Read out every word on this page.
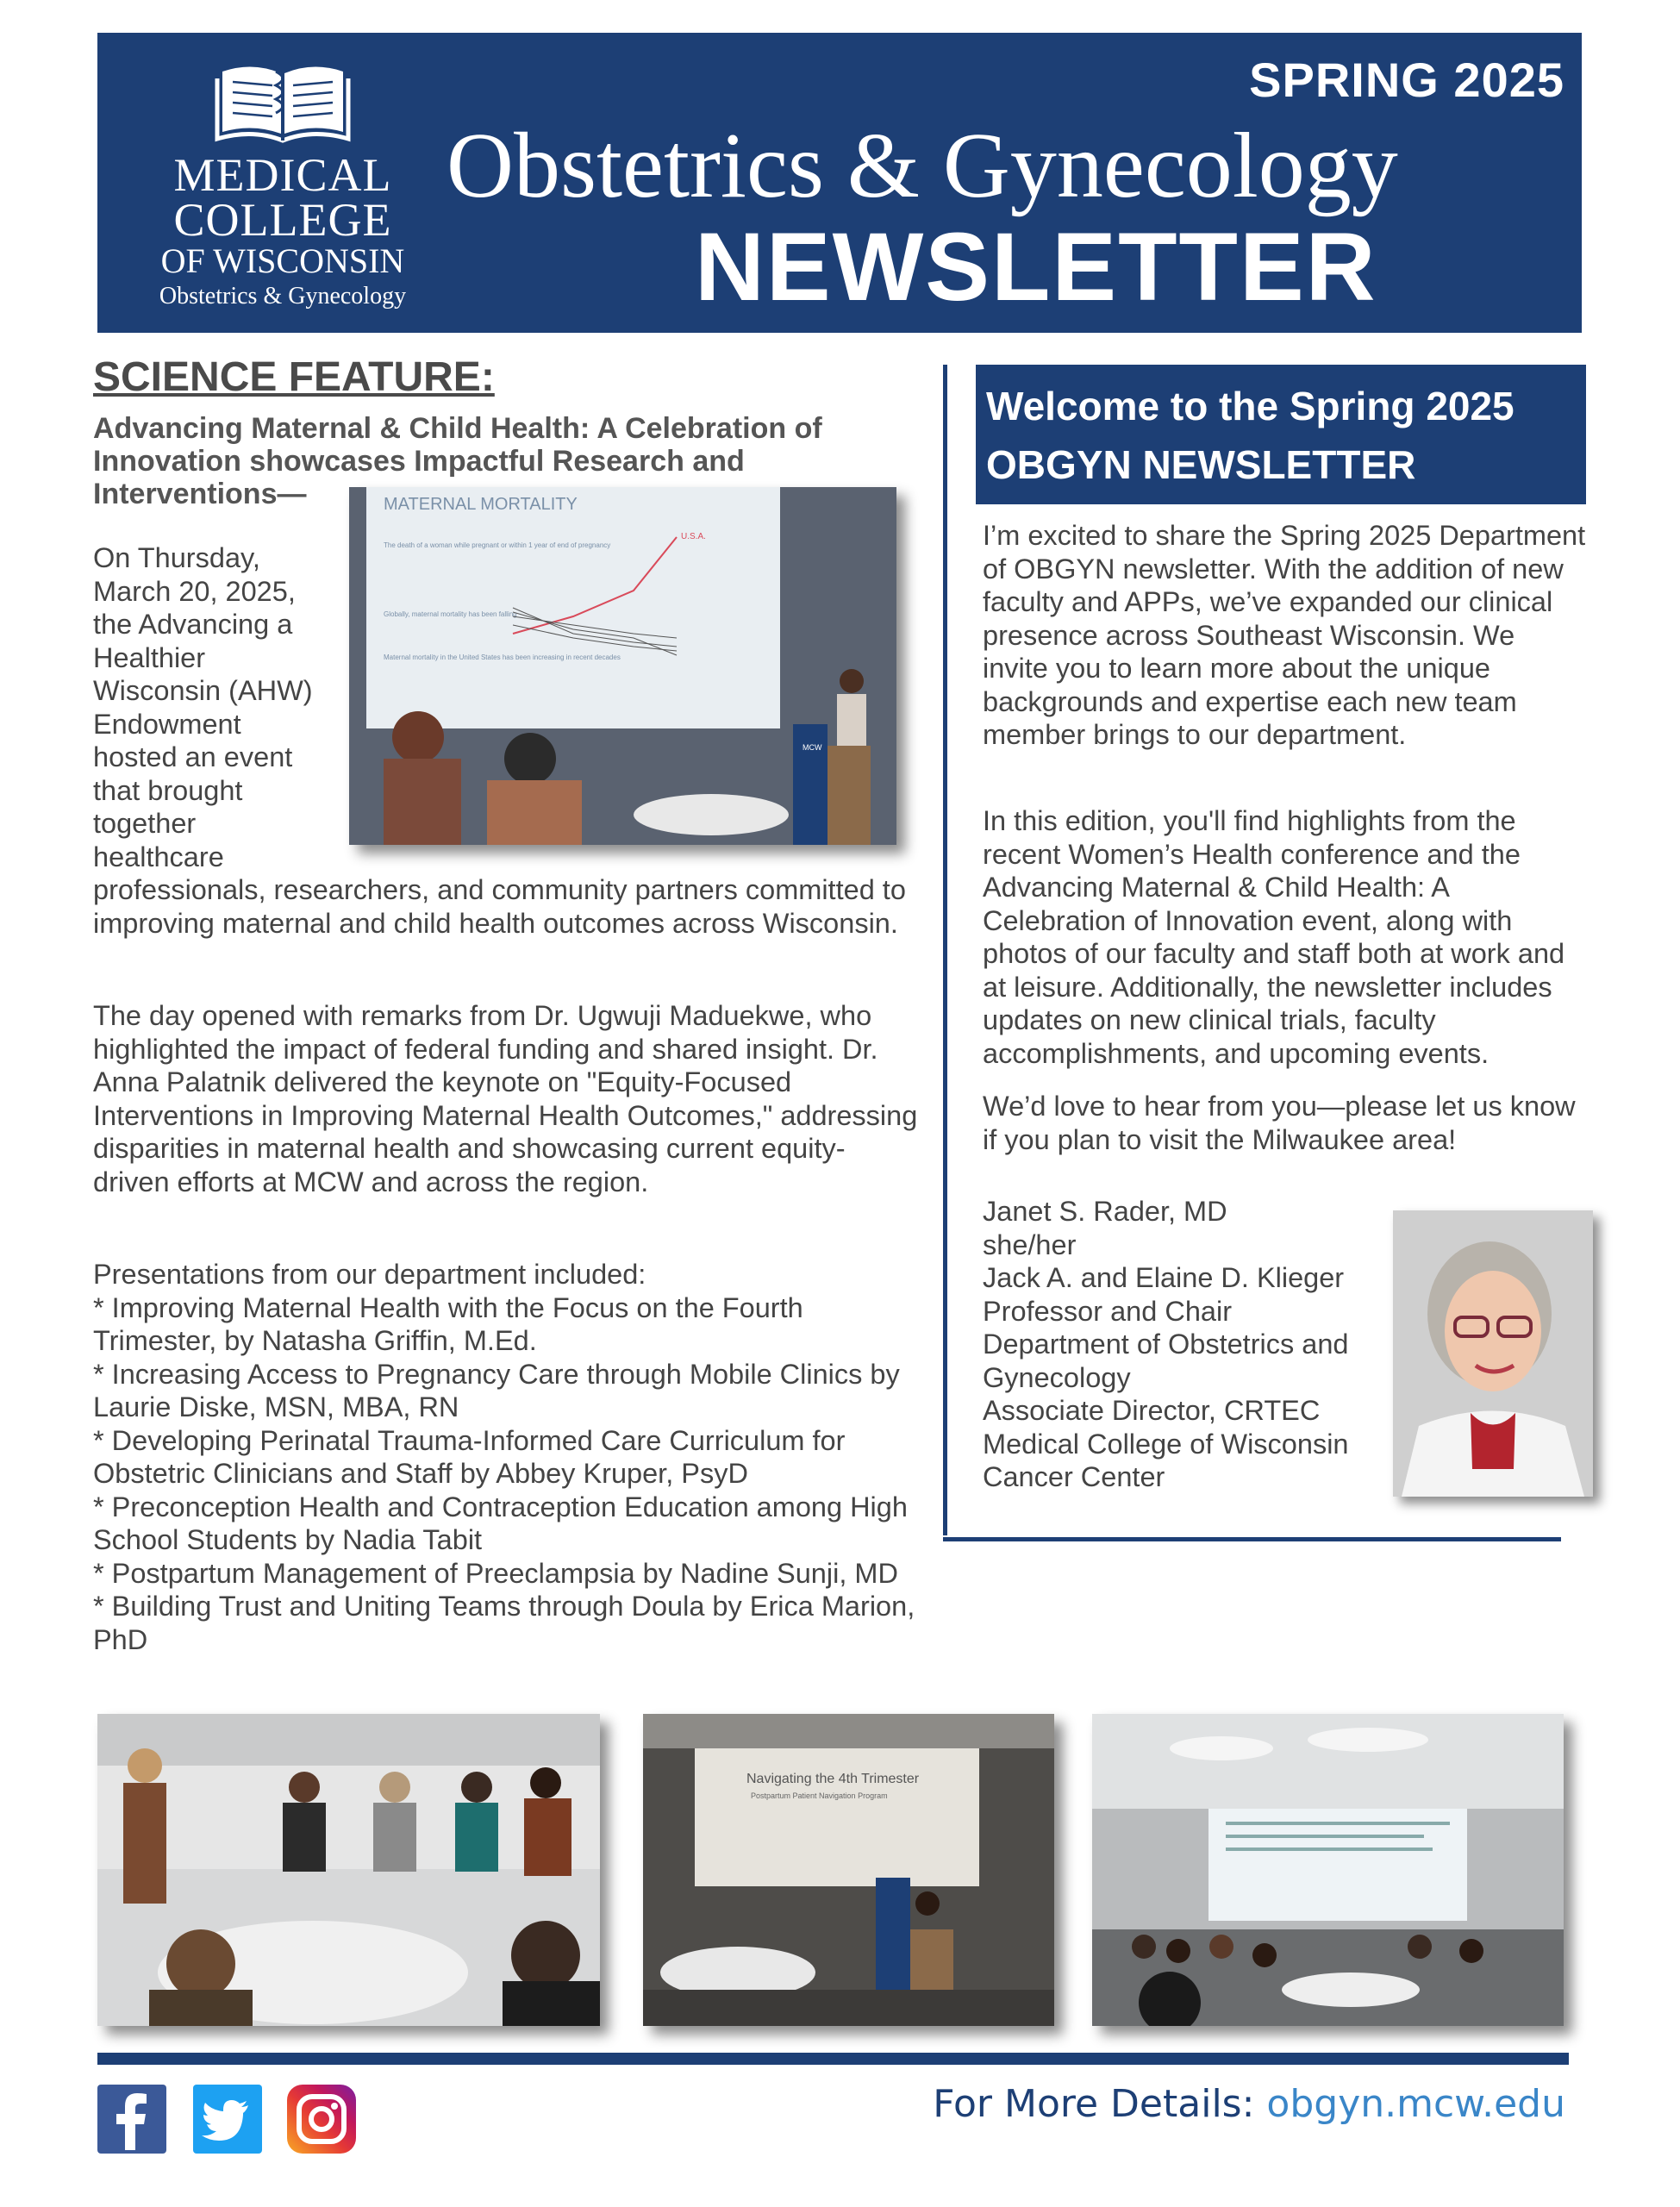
MEDICAL
COLLEGE
OF WISCONSIN
Obstetrics & Gynecology
SPRING 2025
Obstetrics & Gynecology
NEWSLETTER
SCIENCE FEATURE:
Advancing Maternal & Child Health: A Celebration of Innovation showcases Impactful Research and Interventions—
On Thursday,
March 20, 2025,
the Advancing a
Healthier
Wisconsin (AHW)
Endowment
hosted an event
that brought
together
healthcare
professionals, researchers, and community partners committed to improving maternal and child health outcomes across Wisconsin.
The day opened with remarks from Dr. Ugwuji Maduekwe, who highlighted the impact of federal funding and shared insight. Dr. Anna Palatnik delivered the keynote on "Equity-Focused Interventions in Improving Maternal Health Outcomes," addressing disparities in maternal health and showcasing current equity-driven efforts at MCW and across the region.
Presentations from our department included:
* Improving Maternal Health with the Focus on the Fourth Trimester, by Natasha Griffin, M.Ed.
* Increasing Access to Pregnancy Care through Mobile Clinics by Laurie Diske, MSN, MBA, RN
* Developing Perinatal Trauma-Informed Care Curriculum for Obstetric Clinicians and Staff by Abbey Kruper, PsyD
* Preconception Health and Contraception Education among High School Students by Nadia Tabit
* Postpartum Management of Preeclampsia by Nadine Sunji, MD
* Building Trust and Uniting Teams through Doula by Erica Marion, PhD
MATERNAL MORTALITY
The death of a woman while pregnant or within 1 year of end of pregnancy
Globally, maternal mortality has been falling
Maternal mortality in the United States has been increasing in recent decades
U.S.A.
MCW
Welcome to the Spring 2025
OBGYN NEWSLETTER
I’m excited to share the Spring 2025 Department of OBGYN newsletter. With the addition of new faculty and APPs, we’ve expanded our clinical presence across Southeast Wisconsin. We invite you to learn more about the unique backgrounds and expertise each new team member brings to our department.
In this edition, you'll find highlights from the recent Women’s Health conference and the Advancing Maternal & Child Health: A Celebration of Innovation event, along with photos of our faculty and staff both at work and at leisure. Additionally, the newsletter includes updates on new clinical trials, faculty accomplishments, and upcoming events.
We’d love to hear from you—please let us know if you plan to visit the Milwaukee area!
Janet S. Rader, MD
she/her
Jack A. and Elaine D. Klieger Professor and Chair
Department of Obstetrics and Gynecology
Associate Director, CRTEC
Medical College of Wisconsin Cancer Center
Navigating the 4th Trimester
Postpartum Patient Navigation Program
For More Details: obgyn.mcw.edu
